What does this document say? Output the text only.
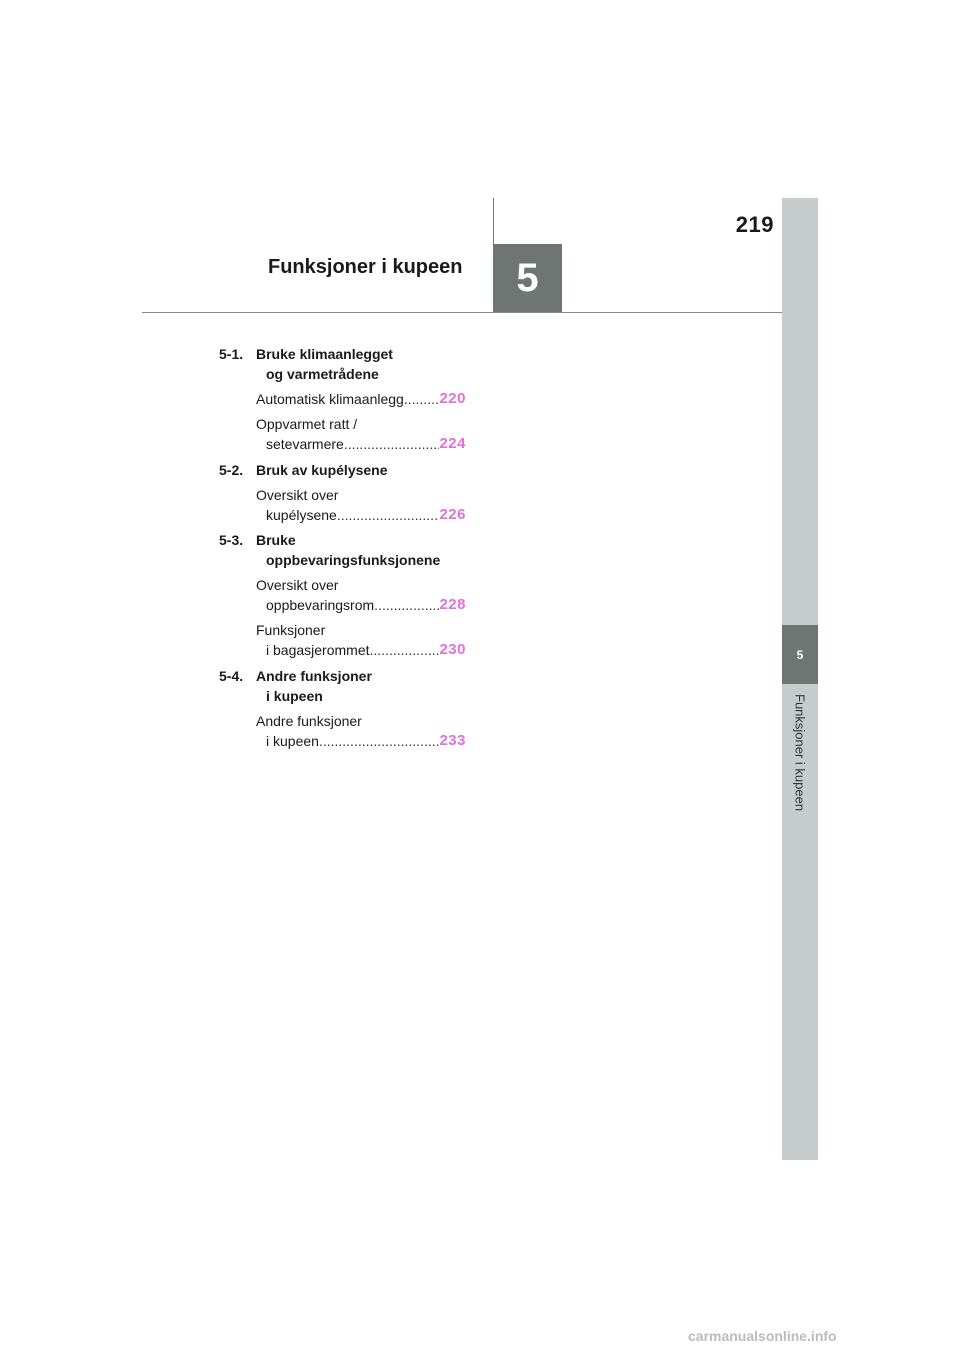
219
Funksjoner i kupeen	5
5
Funksjoner i kupeen
5-1. Bruke klimaanlegget
og varmetrådene
Automatisk klimaanlegg ..... 220
Oppvarmet ratt /
setevarmere .....	224
5-2. Bruk av kupélysene
Oversikt over
kupélysene .....	226
5-3. Bruke
oppbevaringsfunksjonene
Oversikt over
oppbevaringsrom .....	228
Funksjoner
i bagasjerommet .....	230
5-4. Andre funksjoner
i kupeen
Andre funksjoner
i kupeen .....	233
carmanualsonline.info
